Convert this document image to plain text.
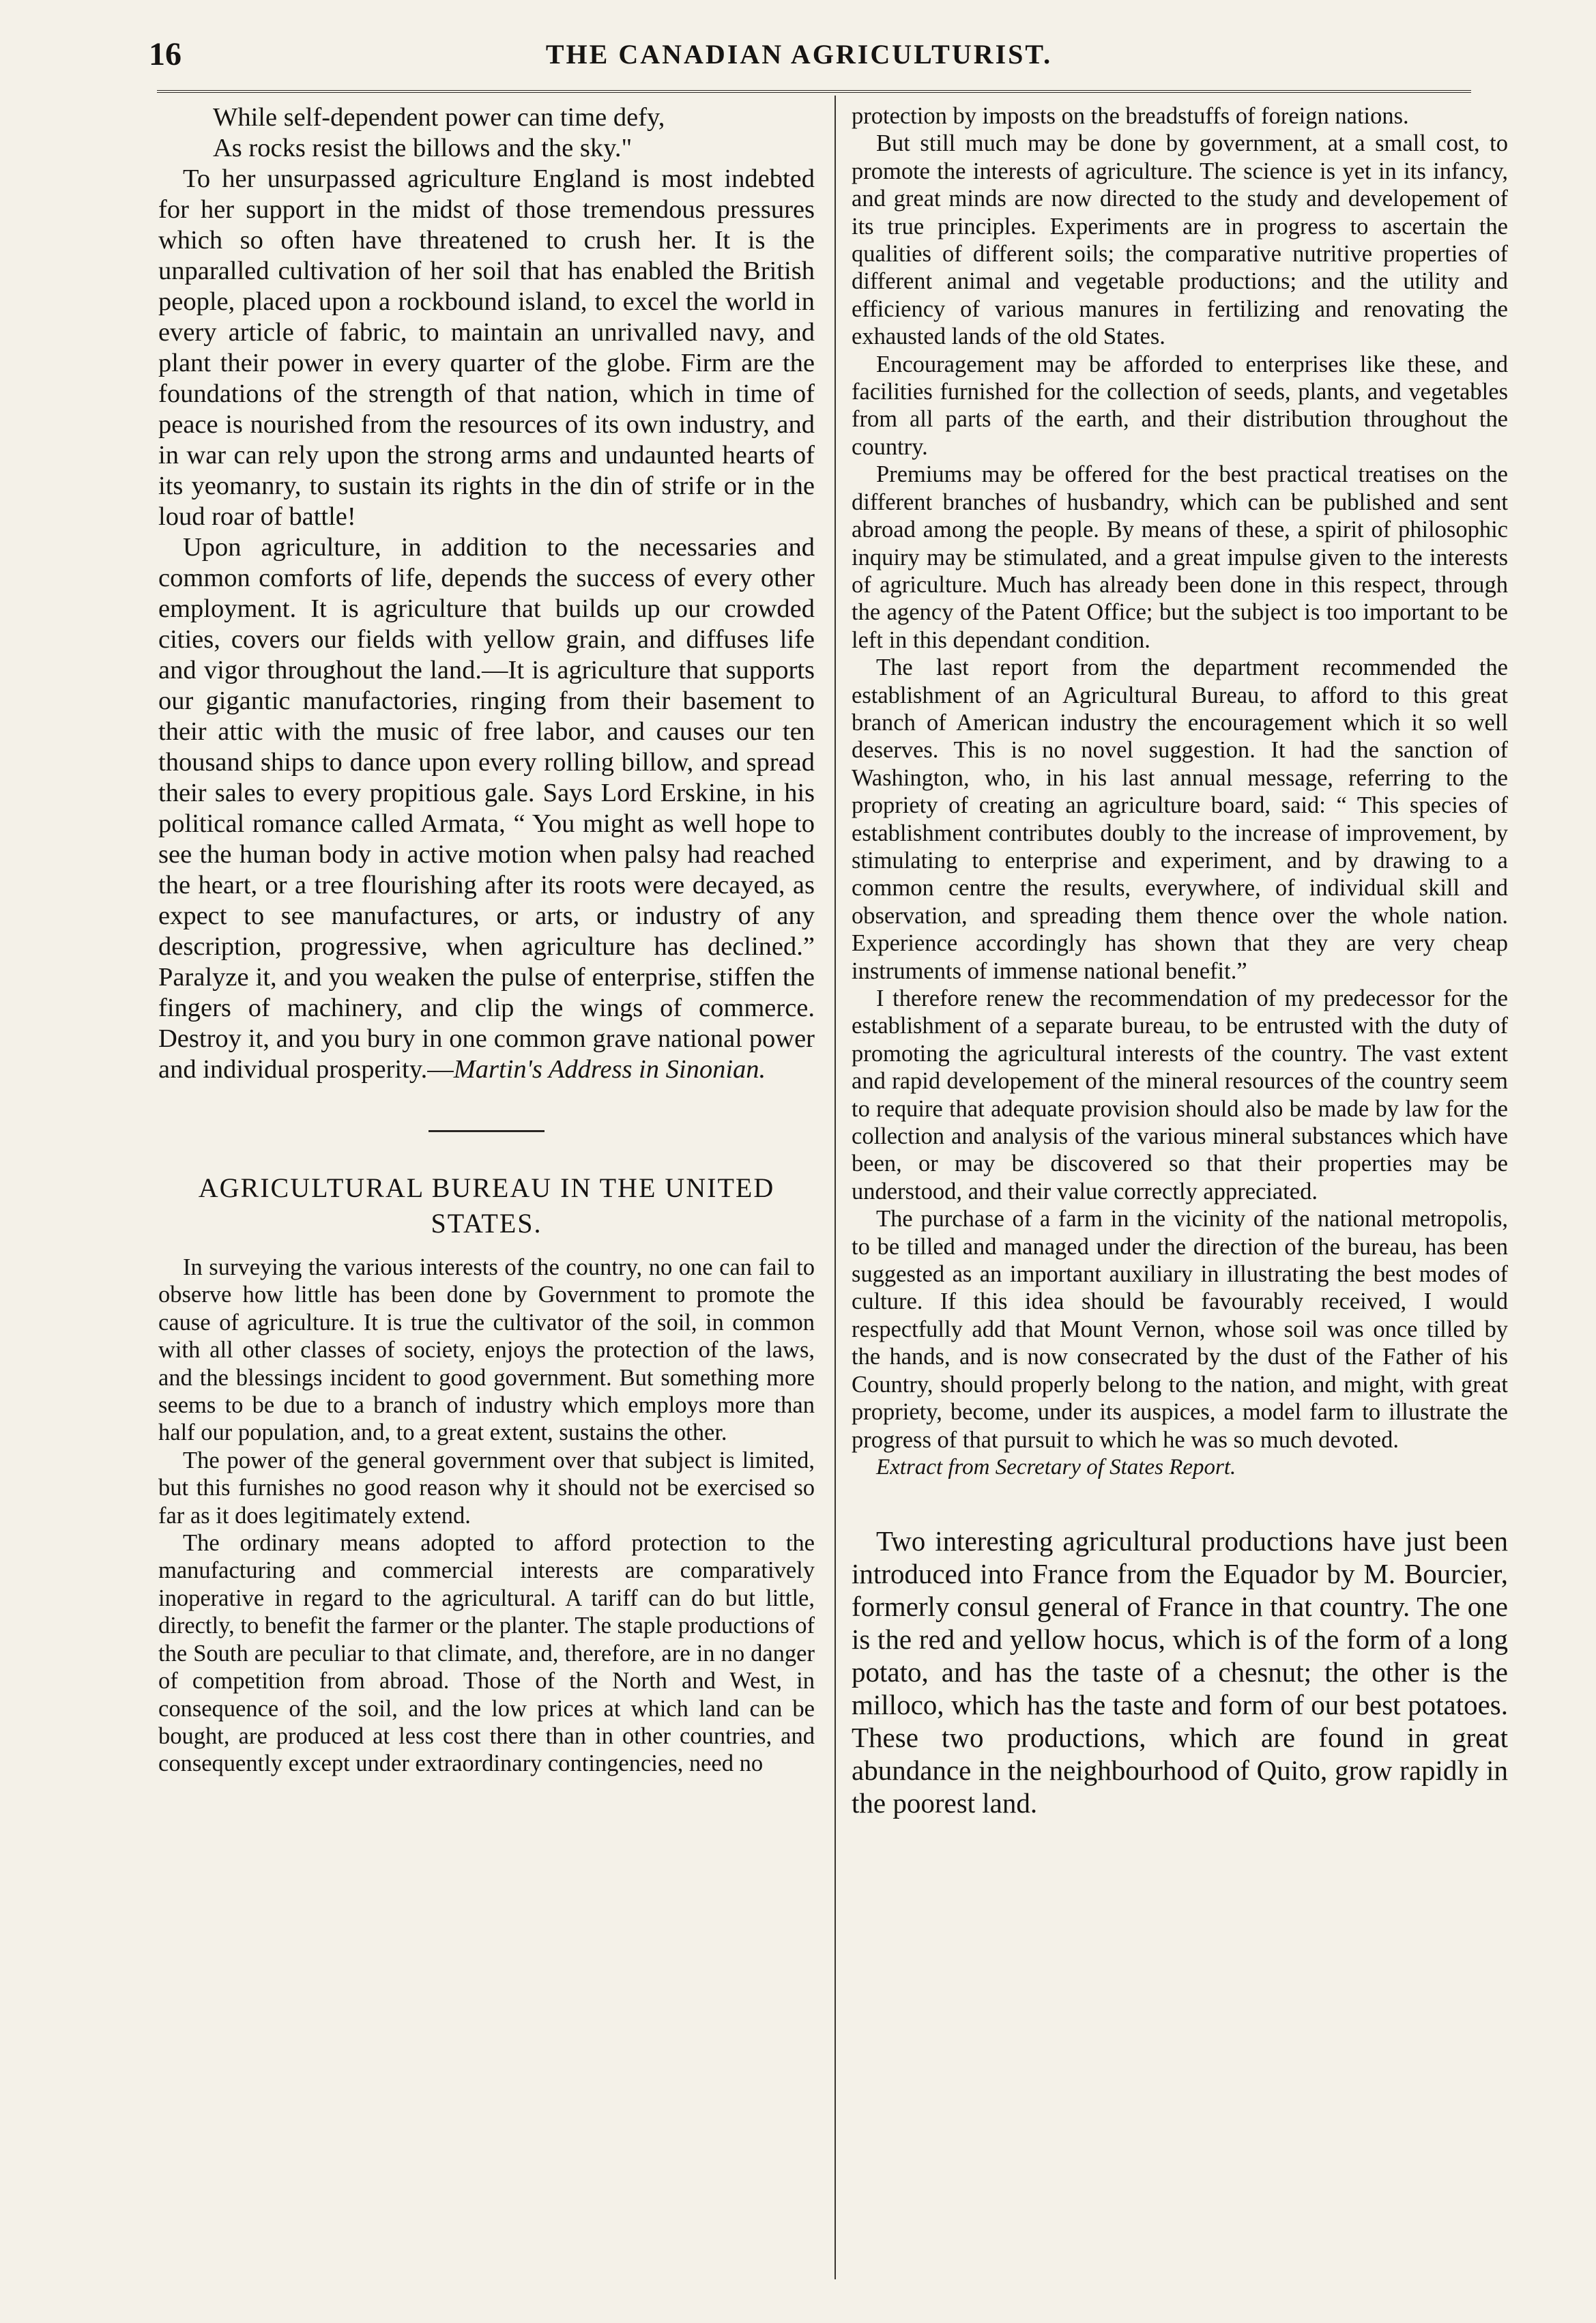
16	THE CANADIAN AGRICULTURIST.
While self-dependent power can time defy,
As rocks resist the billows and the sky."

To her unsurpassed agriculture England is most indebted for her support in the midst of those tremendous pressures which so often have threatened to crush her. It is the unparalled cultivation of her soil that has enabled the British people, placed upon a rockbound island, to excel the world in every article of fabric, to maintain an unrivalled navy, and plant their power in every quarter of the globe. Firm are the foundations of the strength of that nation, which in time of peace is nourished from the resources of its own industry, and in war can rely upon the strong arms and undaunted hearts of its yeomanry, to sustain its rights in the din of strife or in the loud roar of battle!

Upon agriculture, in addition to the necessaries and common comforts of life, depends the success of every other employment. It is agriculture that builds up our crowded cities, covers our fields with yellow grain, and diffuses life and vigor throughout the land.—It is agriculture that supports our gigantic manufactories, ringing from their basement to their attic with the music of free labor, and causes our ten thousand ships to dance upon every rolling billow, and spread their sales to every propitious gale. Says Lord Erskine, in his political romance called Armata, “ You might as well hope to see the human body in active motion when palsy had reached the heart, or a tree flourishing after its roots were decayed, as expect to see manufactures, or arts, or industry of any description, progressive, when agriculture has declined.” Paralyze it, and you weaken the pulse of enterprise, stiffen the fingers of machinery, and clip the wings of commerce. Destroy it, and you bury in one common grave national power and individual prosperity.—Martin's Address in Sinonian.

AGRICULTURAL BUREAU IN THE UNITED STATES.

In surveying the various interests of the country, no one can fail to observe how little has been done by Government to promote the cause of agriculture. It is true the cultivator of the soil, in common with all other classes of society, enjoys the protection of the laws, and the blessings incident to good government. But something more seems to be due to a branch of industry which employs more than half our population, and, to a great extent, sustains the other.

The power of the general government over that subject is limited, but this furnishes no good reason why it should not be exercised so far as it does legitimately extend.

The ordinary means adopted to afford protection to the manufacturing and commercial interests are comparatively inoperative in regard to the agricultural. A tariff can do but little, directly, to benefit the farmer or the planter. The staple productions of the South are peculiar to that climate, and, therefore, are in no danger of competition from abroad. Those of the North and West, in consequence of the soil, and the low prices at which land can be bought, are produced at less cost there than in other countries, and consequently except under extraordinary contingencies, need no

protection by imposts on the breadstuffs of foreign nations.

But still much may be done by government, at a small cost, to promote the interests of agriculture. The science is yet in its infancy, and great minds are now directed to the study and developement of its true principles. Experiments are in progress to ascertain the qualities of different soils; the comparative nutritive properties of different animal and vegetable productions; and the utility and efficiency of various manures in fertilizing and renovating the exhausted lands of the old States.

Encouragement may be afforded to enterprises like these, and facilities furnished for the collection of seeds, plants, and vegetables from all parts of the earth, and their distribution throughout the country.

Premiums may be offered for the best practical treatises on the different branches of husbandry, which can be published and sent abroad among the people. By means of these, a spirit of philosophic inquiry may be stimulated, and a great impulse given to the interests of agriculture. Much has already been done in this respect, through the agency of the Patent Office; but the subject is too important to be left in this dependant condition.

The last report from the department recommended the establishment of an Agricultural Bureau, to afford to this great branch of American industry the encouragement which it so well deserves. This is no novel suggestion. It had the sanction of Washington, who, in his last annual message, referring to the propriety of creating an agriculture board, said: “ This species of establishment contributes doubly to the increase of improvement, by stimulating to enterprise and experiment, and by drawing to a common centre the results, everywhere, of individual skill and observation, and spreading them thence over the whole nation. Experience accordingly has shown that they are very cheap instruments of immense national benefit.”

I therefore renew the recommendation of my predecessor for the establishment of a separate bureau, to be entrusted with the duty of promoting the agricultural interests of the country. The vast extent and rapid developement of the mineral resources of the country seem to require that adequate provision should also be made by law for the collection and analysis of the various mineral substances which have been, or may be discovered so that their properties may be understood, and their value correctly appreciated.

The purchase of a farm in the vicinity of the national metropolis, to be tilled and managed under the direction of the bureau, has been suggested as an important auxiliary in illustrating the best modes of culture. If this idea should be favourably received, I would respectfully add that Mount Vernon, whose soil was once tilled by the hands, and is now consecrated by the dust of the Father of his Country, should properly belong to the nation, and might, with great propriety, become, under its auspices, a model farm to illustrate the progress of that pursuit to which he was so much devoted.

Extract from Secretary of States Report.

Two interesting agricultural productions have just been introduced into France from the Equador by M. Bourcier, formerly consul general of France in that country. The one is the red and yellow hocus, which is of the form of a long potato, and has the taste of a chesnut; the other is the milloco, which has the taste and form of our best potatoes. These two productions, which are found in great abundance in the neighbourhood of Quito, grow rapidly in the poorest land.
